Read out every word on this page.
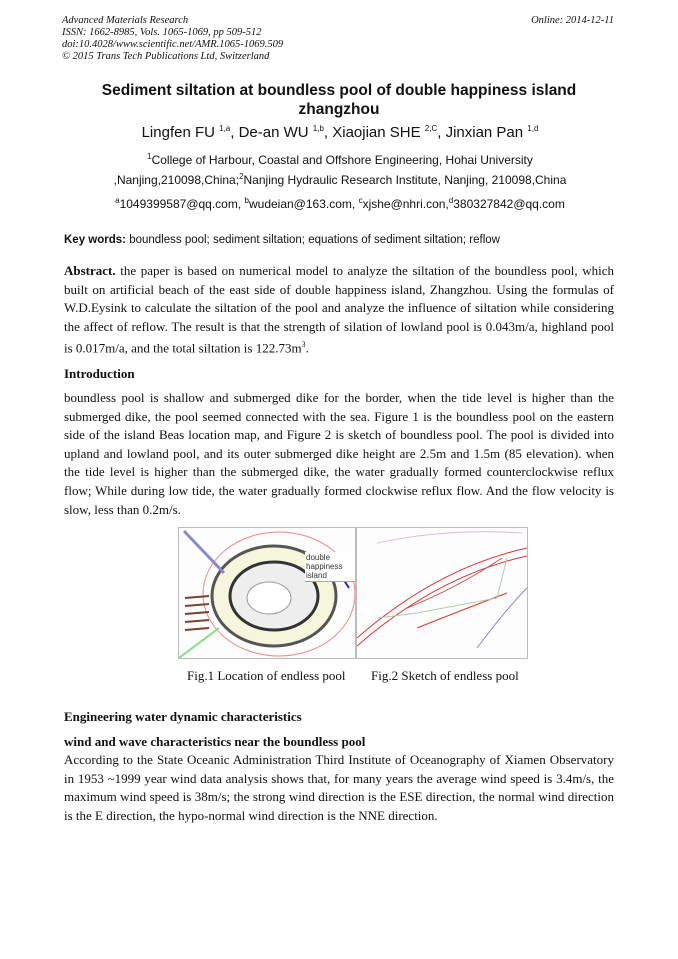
Advanced Materials Research
ISSN: 1662-8985, Vols. 1065-1069, pp 509-512
doi:10.4028/www.scientific.net/AMR.1065-1069.509
© 2015 Trans Tech Publications Ltd, Switzerland
Online: 2014-12-11
Sediment siltation at boundless pool of double happiness island zhangzhou
Lingfen FU $^{1,a}$, De-an WU $^{1,b}$, Xiaojian SHE $^{2,C}$, Jinxian Pan $^{1,d}$
$^1$College of Harbour, Coastal and Offshore Engineering, Hohai University
,Nanjing,210098,China;$^2$Nanjing Hydraulic Research Institute, Nanjing, 210098,China
$^a$1049399587@qq.com, $^b$wudeian@163.com, $^c$xjshe@nhri.con,$^d$380327842@qq.com
Key words: boundless pool; sediment siltation; equations of sediment siltation; reflow
Abstract. the paper is based on numerical model to analyze the siltation of the boundless pool, which built on artificial beach of the east side of double happiness island, Zhangzhou. Using the formulas of W.D.Eysink to calculate the siltation of the pool and analyze the influence of siltation while considering the affect of reflow. The result is that the strength of silation of lowland pool is 0.043m/a, highland pool is 0.017m/a, and the total siltation is $122.73m^3$.
Introduction
boundless pool is shallow and submerged dike for the border, when the tide level is higher than the submerged dike, the pool seemed connected with the sea. Figure 1 is the boundless pool on the eastern side of the island Beas location map, and Figure 2 is sketch of boundless pool. The pool is divided into upland and lowland pool, and its outer submerged dike height are 2.5m and 1.5m (85 elevation). when the tide level is higher than the submerged dike, the water gradually formed counterclockwise reflux flow; While during low tide, the water gradually formed clockwise reflux flow. And the flow velocity is slow, less than 0.2m/s.
double happiness island
Fig.1 Location of endless pool Fig.2 Sketch of endless pool
Engineering water dynamic characteristics
wind and wave characteristics near the boundless pool
According to the State Oceanic Administration Third Institute of Oceanography of Xiamen Observatory in 1953 ~1999 year wind data analysis shows that, for many years the average wind speed is 3.4m/s, the maximum wind speed is 38m/s; the strong wind direction is the ESE direction, the normal wind direction is the E direction, the hypo-normal wind direction is the NNE direction.
